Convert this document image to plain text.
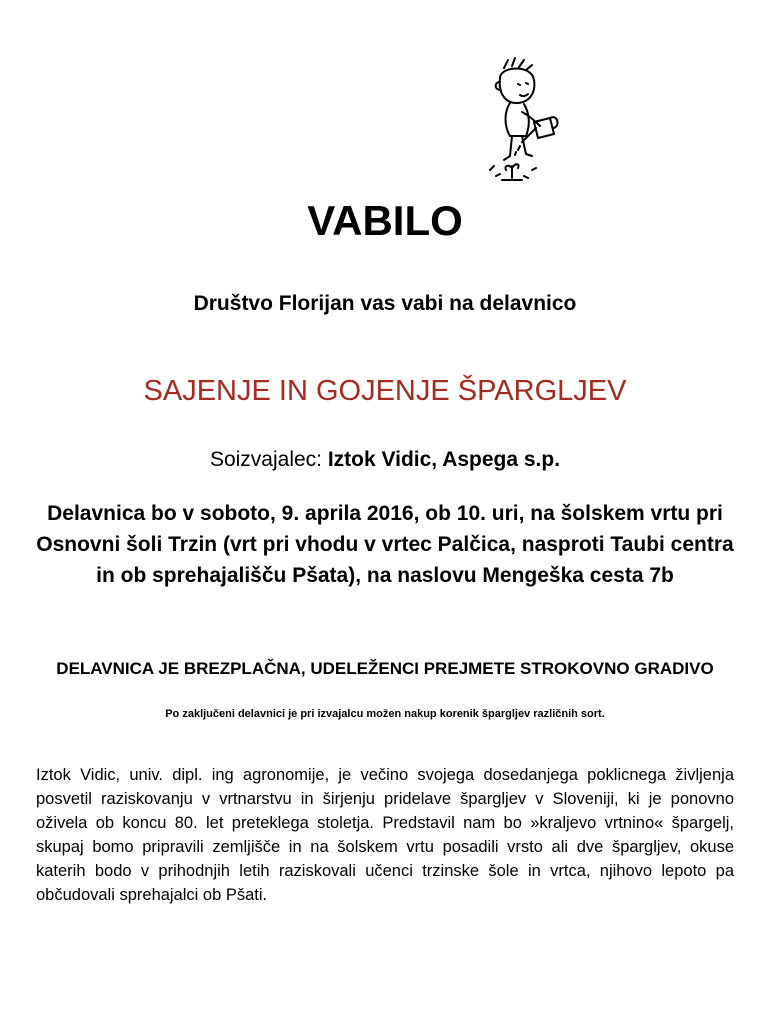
VABILO
Društvo Florijan vas vabi na delavnico
SAJENJE IN GOJENJE ŠPARGLJEV
Soizvajalec: Iztok Vidic, Aspega s.p.
Delavnica bo v soboto, 9. aprila 2016, ob 10. uri, na šolskem vrtu pri Osnovni šoli Trzin (vrt pri vhodu v vrtec Palčica, nasproti Taubi centra in ob sprehajališču Pšata), na naslovu Mengeška cesta 7b
DELAVNICA JE BREZPLAČNA, UDELEŽENCI PREJMETE STROKOVNO GRADIVO
Po zaključeni delavnici je pri izvajalcu možen nakup korenik špargljev različnih sort.
Iztok Vidic, univ. dipl. ing agronomije, je večino svojega dosedanjega poklicnega življenja posvetil raziskovanju v vrtnarstvu in širjenju pridelave špargljev v Sloveniji, ki je ponovno oživela ob koncu 80. let preteklega stoletja. Predstavil nam bo »kraljevo vrtnino« špargelj, skupaj bomo pripravili zemljišče in na šolskem vrtu posadili vrsto ali dve špargljev, okuse katerih bodo v prihodnjih letih raziskovali učenci trzinske šole in vrtca, njihovo lepoto pa občudovali sprehajalci ob Pšati.
